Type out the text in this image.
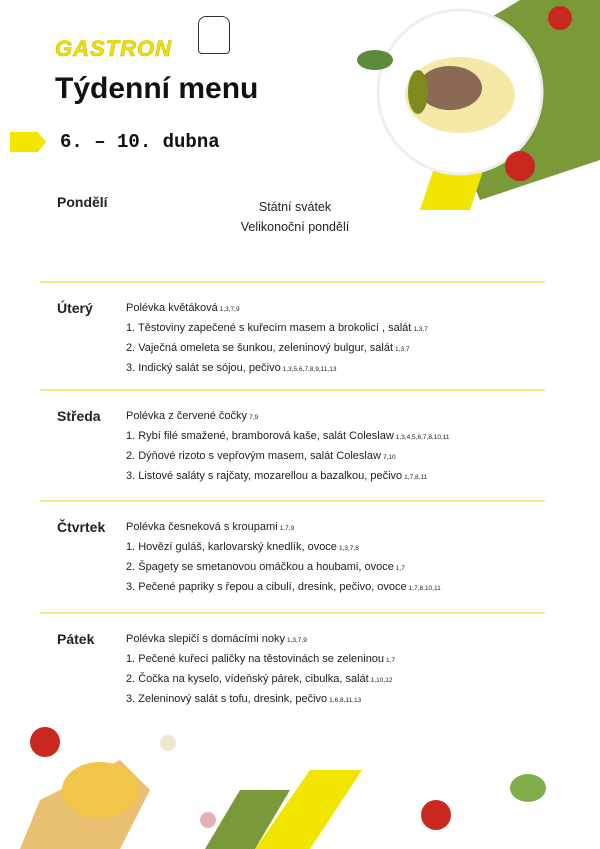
GASTRON
Týdenní menu
6. – 10. dubna
Pondělí	Státní svátek
Velikonoční pondělí
Úterý	Polévka květáková 1,3,7,9
1. Těstoviny zapečené s kuřecím masem a brokolicí , salát 1,3,7
2. Vaječná omeleta se šunkou, zeleninový bulgur, salát 1,3,7
3. Indický salát se sójou, pečivo 1,3,5,6,7,8,9,11,13
Středa Polévka z červené čočky 7,9
1. Rybí filé smažené, bramborová kaše, salát Coleslaw 1,3,4,5,6,7,8,10,11
2. Dýňové rizoto s vepřovým masem, salát Coleslaw 7,10
3. Listové saláty s rajčaty, mozarellou a bazalkou, pečivo 1,7,8,11
Čtvrtek Polévka česneková s kroupami 1,7,9
1. Hovězí guláš, karlovarský knedlík, ovoce 1,3,7,8
2. Špagety se smetanovou omáčkou a houbami, ovoce 1,7
3. Pečené papriky s řepou a cibulí, dresink, pečivo, ovoce 1,7,8,10,11
Pátek	Polévka slepičí s domácími noky 1,3,7,9
1. Pečené kuřecí paličky na těstovinách se zeleninou 1,7
2. Čočka na kyselo, vídeňský párek, cibulka, salát 1,10,12
3. Zeleninový salát s tofu, dresink, pečivo 1,6,8,11,13
